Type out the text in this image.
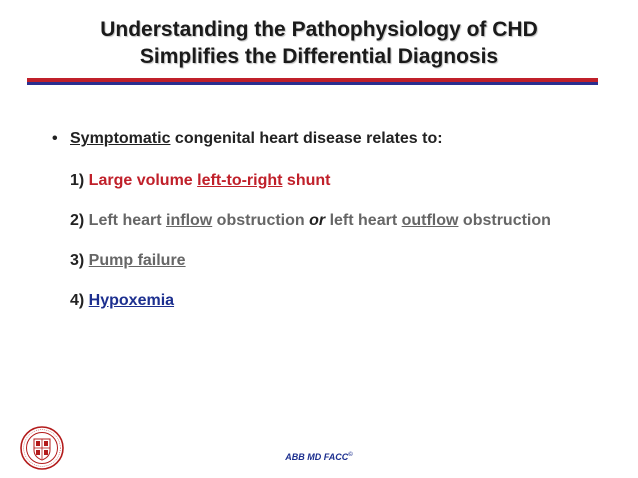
Understanding the Pathophysiology of CHD
Simplifies the Differential Diagnosis
• Symptomatic congenital heart disease relates to:
1) Large volume left-to-right shunt
2) Left heart inflow obstruction or left heart outflow obstruction
3) Pump failure
4) Hypoxemia
ABB MD FACC©
